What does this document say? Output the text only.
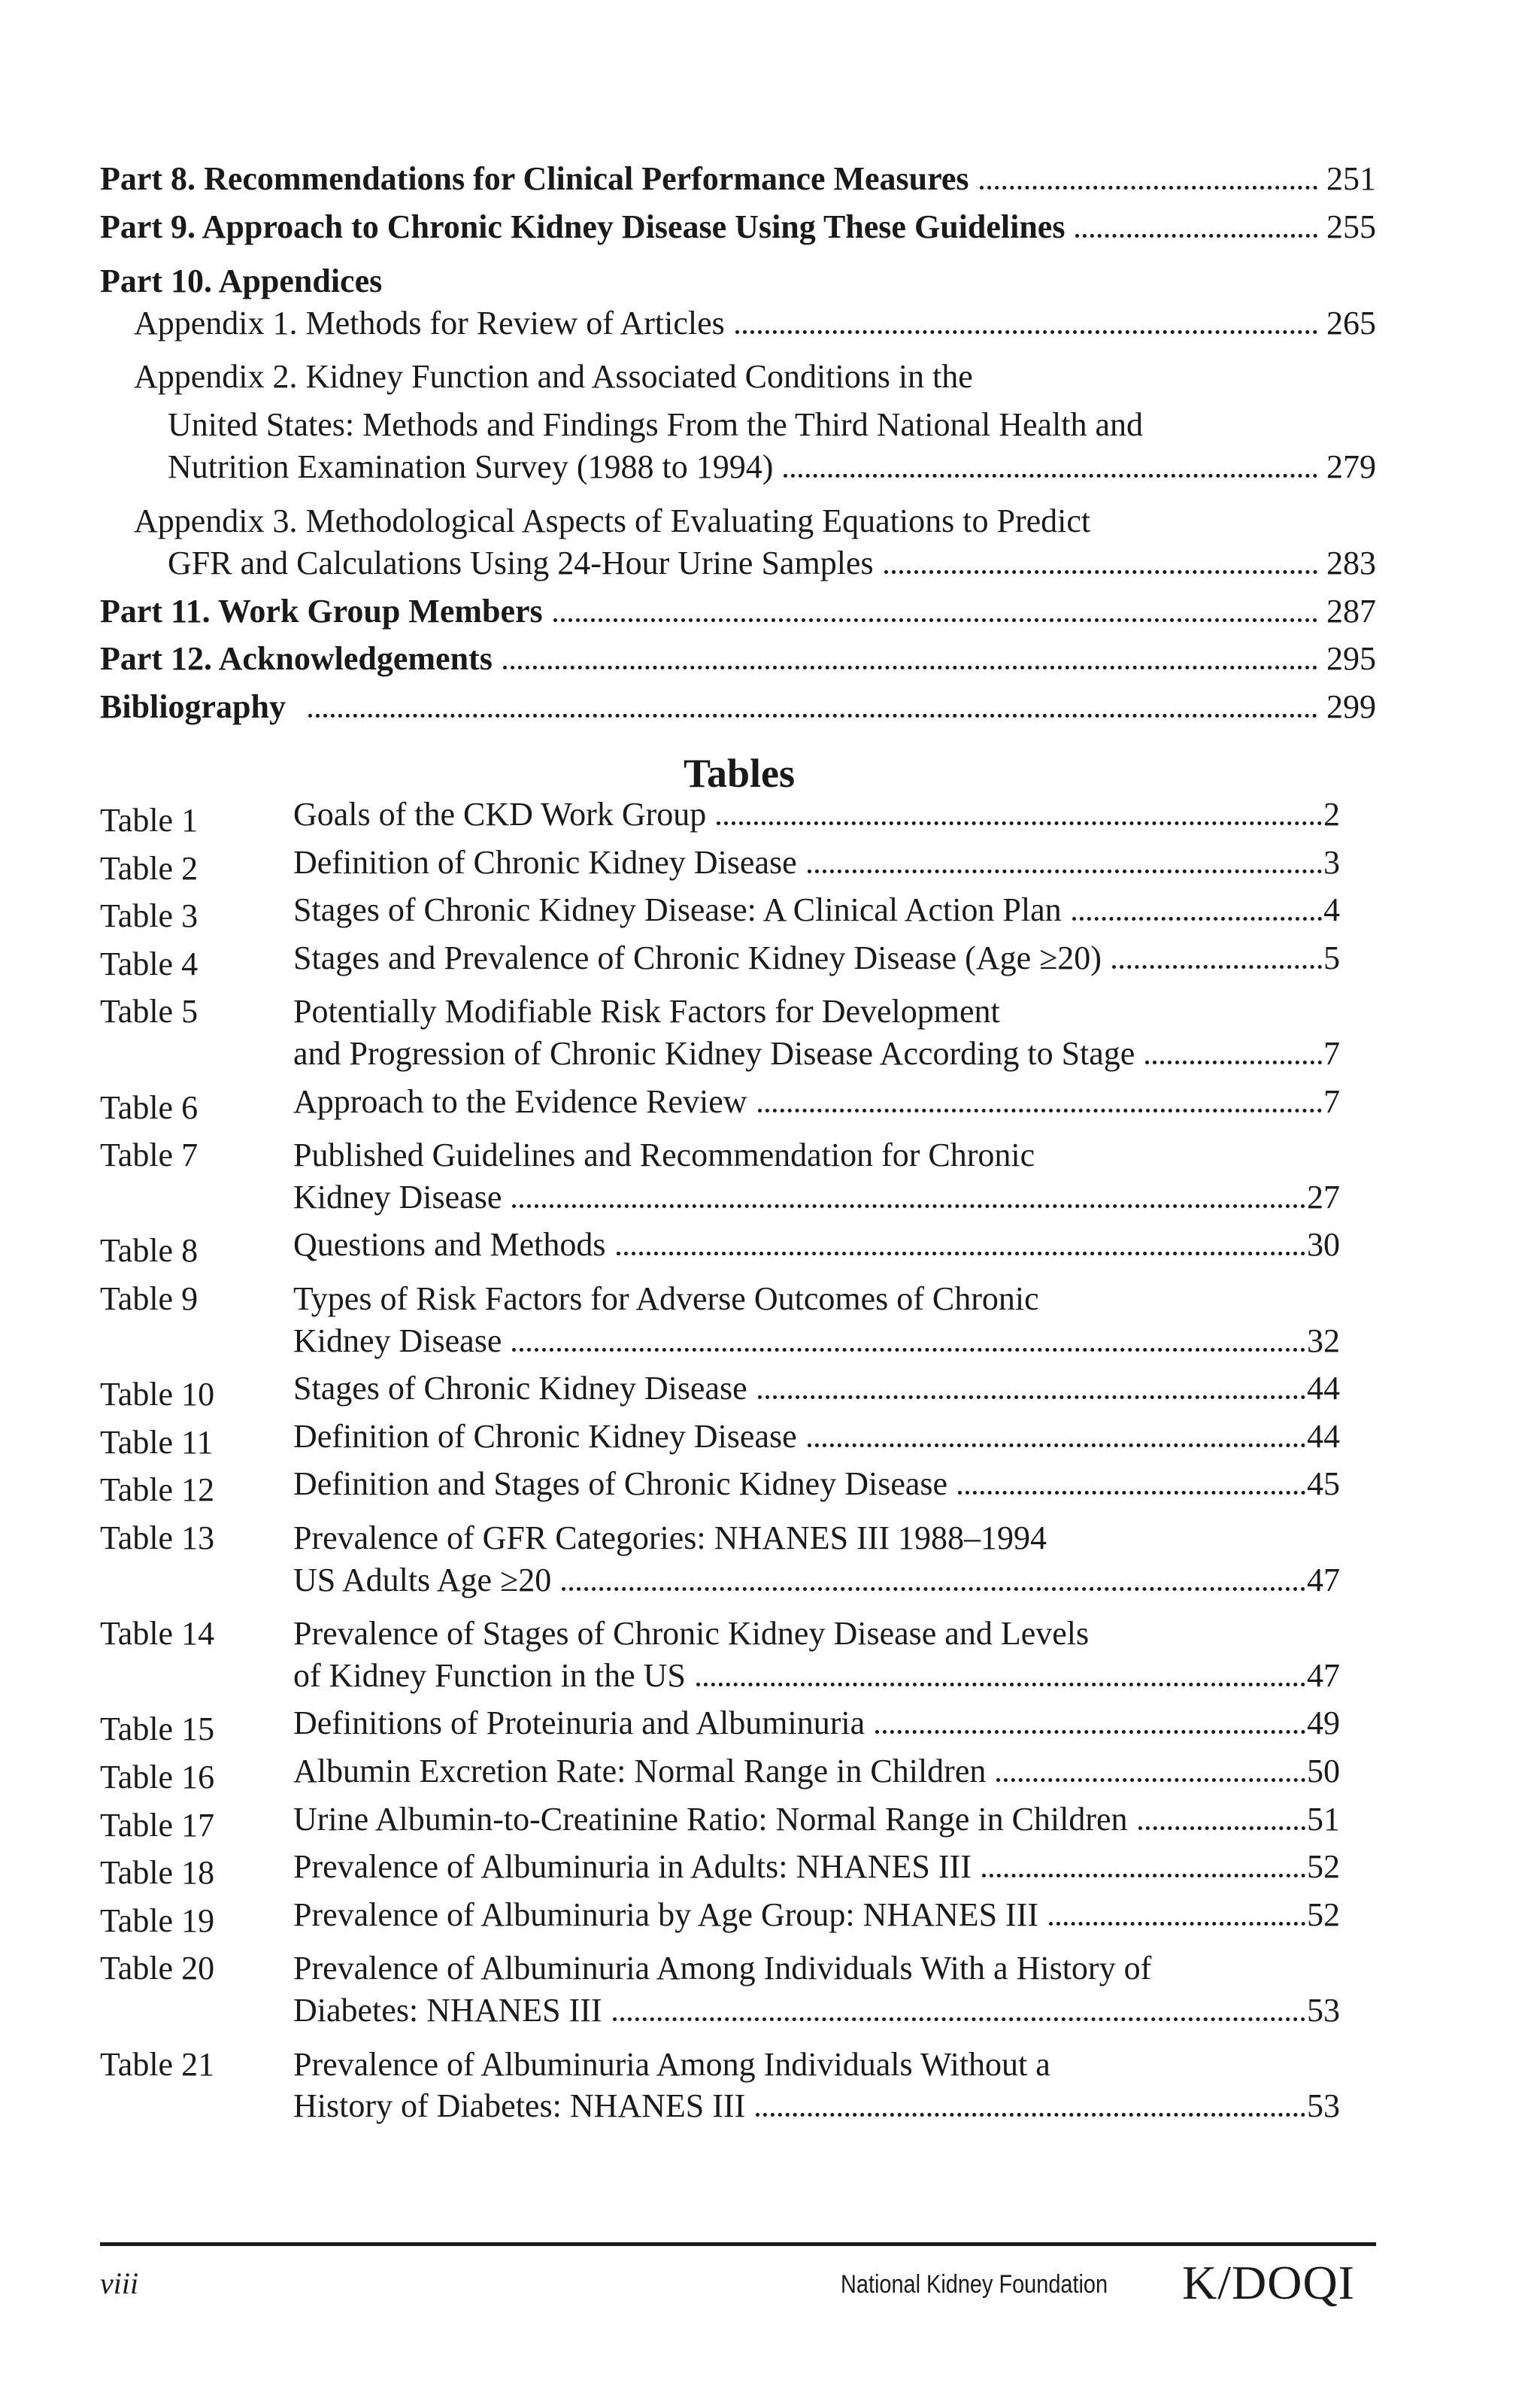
Part 8. Recommendations for Clinical Performance Measures	251
Part 9. Approach to Chronic Kidney Disease Using These Guidelines	255
Part 10. Appendices
Appendix 1. Methods for Review of Articles	265
Appendix 2. Kidney Function and Associated Conditions in the
United States: Methods and Findings From the Third National Health and
Nutrition Examination Survey (1988 to 1994)	279
Appendix 3. Methodological Aspects of Evaluating Equations to Predict
GFR and Calculations Using 24-Hour Urine Samples	283
Part 11. Work Group Members	287
Part 12. Acknowledgements	295
Bibliography	299
Tables
Table 1	Goals of the CKD Work Group	2
Table 2	Definition of Chronic Kidney Disease	3
Table 3	Stages of Chronic Kidney Disease: A Clinical Action Plan	4
Table 4	Stages and Prevalence of Chronic Kidney Disease (Age ≥20)	5
Table 5	Potentially Modifiable Risk Factors for Development
and Progression of Chronic Kidney Disease According to Stage	7
Table 6	Approach to the Evidence Review	7
Table 7	Published Guidelines and Recommendation for Chronic
Kidney Disease	27
Table 8	Questions and Methods	30
Table 9	Types of Risk Factors for Adverse Outcomes of Chronic
Kidney Disease	32
Table 10 Stages of Chronic Kidney Disease	44
Table 11 Definition of Chronic Kidney Disease	44
Table 12 Definition and Stages of Chronic Kidney Disease	45
Table 13 Prevalence of GFR Categories: NHANES III 1988–1994
US Adults Age ≥20	47
Table 14 Prevalence of Stages of Chronic Kidney Disease and Levels
of Kidney Function in the US	47
Table 15 Definitions of Proteinuria and Albuminuria	49
Table 16 Albumin Excretion Rate: Normal Range in Children	50
Table 17 Urine Albumin-to-Creatinine Ratio: Normal Range in Children	51
Table 18 Prevalence of Albuminuria in Adults: NHANES III	52
Table 19 Prevalence of Albuminuria by Age Group: NHANES III	52
Table 20 Prevalence of Albuminuria Among Individuals With a History of
Diabetes: NHANES III	53
Table 21 Prevalence of Albuminuria Among Individuals Without a
History of Diabetes: NHANES III	53
viii	National Kidney Foundation K/DOQI
